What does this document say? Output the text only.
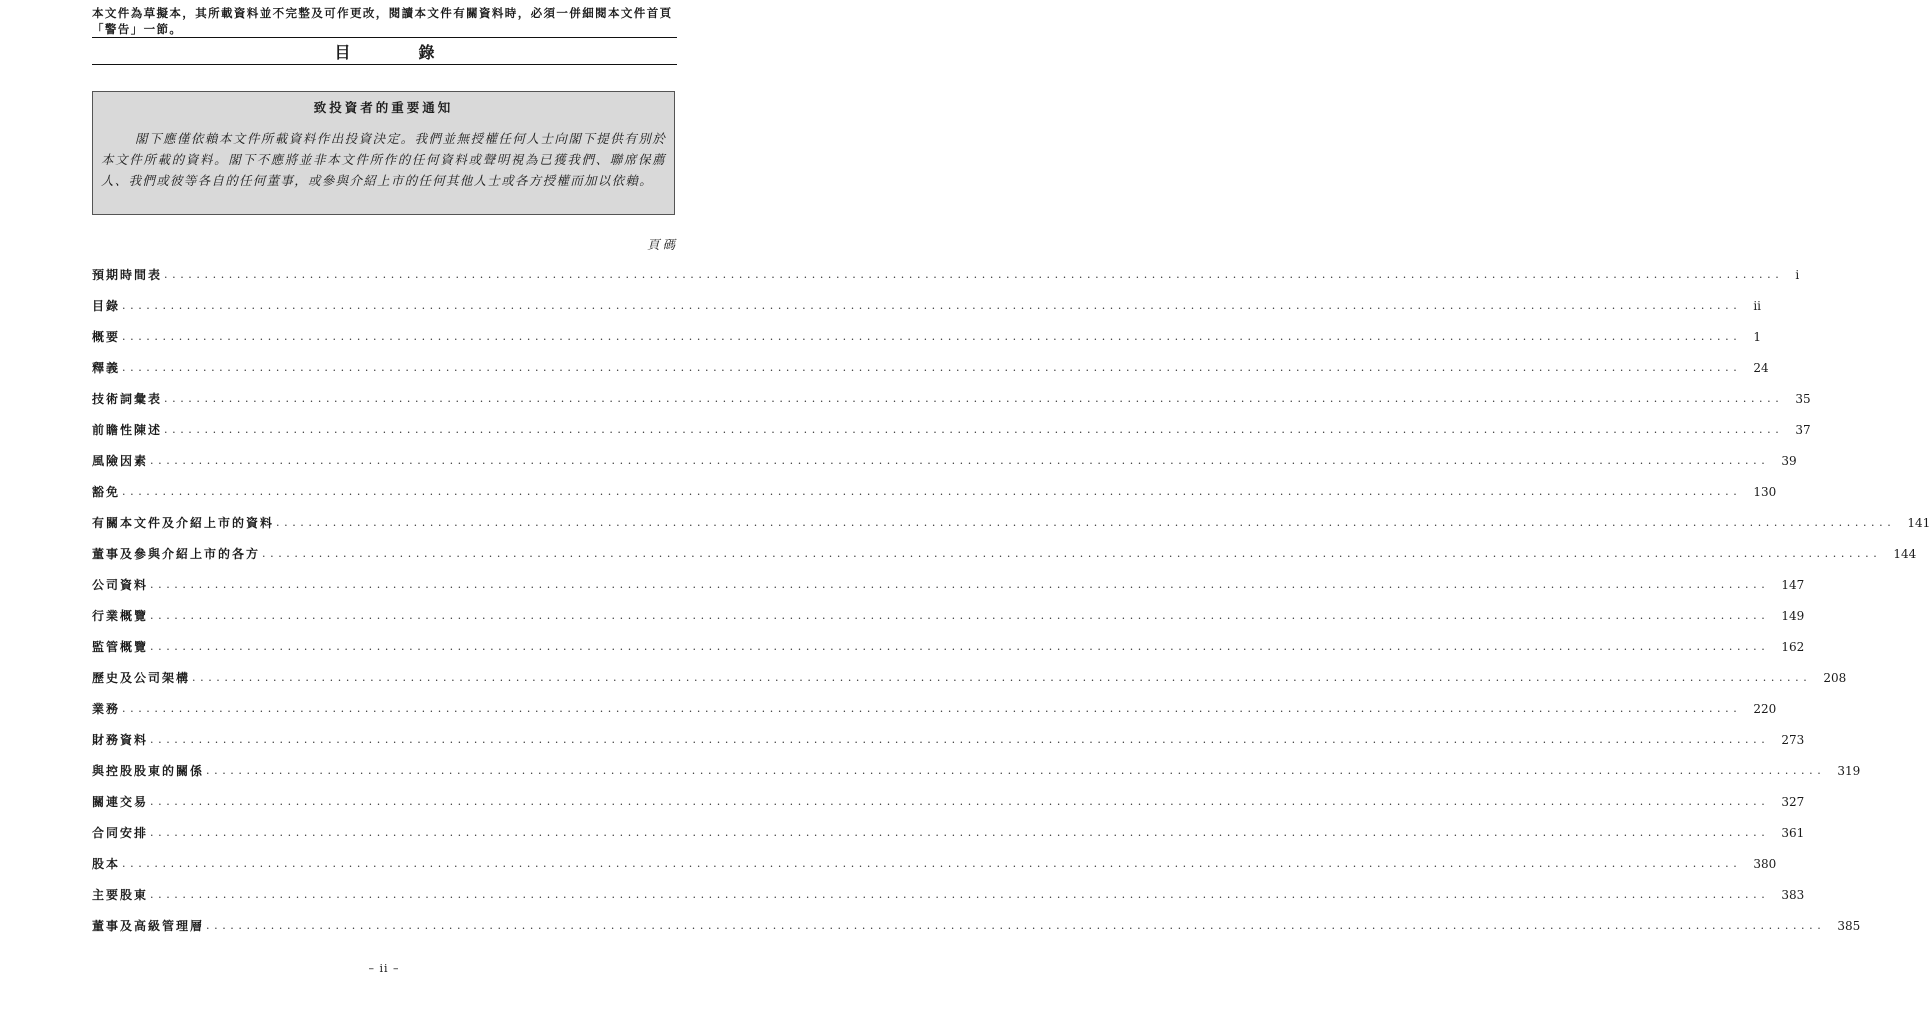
本文件為草擬本，其所載資料並不完整及可作更改，閱讀本文件有關資料時，必須一併細閱本文件首頁「警告」一節。
目　錄
致投資者的重要通知
閣下應僅依賴本文件所載資料作出投資決定。我們並無授權任何人士向閣下提供有別於本文件所載的資料。閣下不應將並非本文件所作的任何資料或聲明視為已獲我們、聯席保薦人、我們或彼等各自的任何董事，或參與介紹上市的任何其他人士或各方授權而加以依賴。
頁碼
預期時間表 ........................................................................................................................................................................................................ i
目錄 ........................................................................................................................................................................................................ ii
概要 ........................................................................................................................................................................................................ 1
釋義 ........................................................................................................................................................................................................ 24
技術詞彙表 ........................................................................................................................................................................................................ 35
前瞻性陳述 ........................................................................................................................................................................................................ 37
風險因素 ........................................................................................................................................................................................................ 39
豁免 ........................................................................................................................................................................................................ 130
有關本文件及介紹上市的資料 ........................................................................................................................................................................................................ 141
董事及參與介紹上市的各方 ........................................................................................................................................................................................................ 144
公司資料 ........................................................................................................................................................................................................ 147
行業概覽 ........................................................................................................................................................................................................ 149
監管概覽 ........................................................................................................................................................................................................ 162
歷史及公司架構 ........................................................................................................................................................................................................ 208
業務 ........................................................................................................................................................................................................ 220
財務資料 ........................................................................................................................................................................................................ 273
與控股股東的關係 ........................................................................................................................................................................................................ 319
關連交易 ........................................................................................................................................................................................................ 327
合同安排 ........................................................................................................................................................................................................ 361
股本 ........................................................................................................................................................................................................ 380
主要股東 ........................................................................................................................................................................................................ 383
董事及高級管理層 ........................................................................................................................................................................................................ 385
– ii –
